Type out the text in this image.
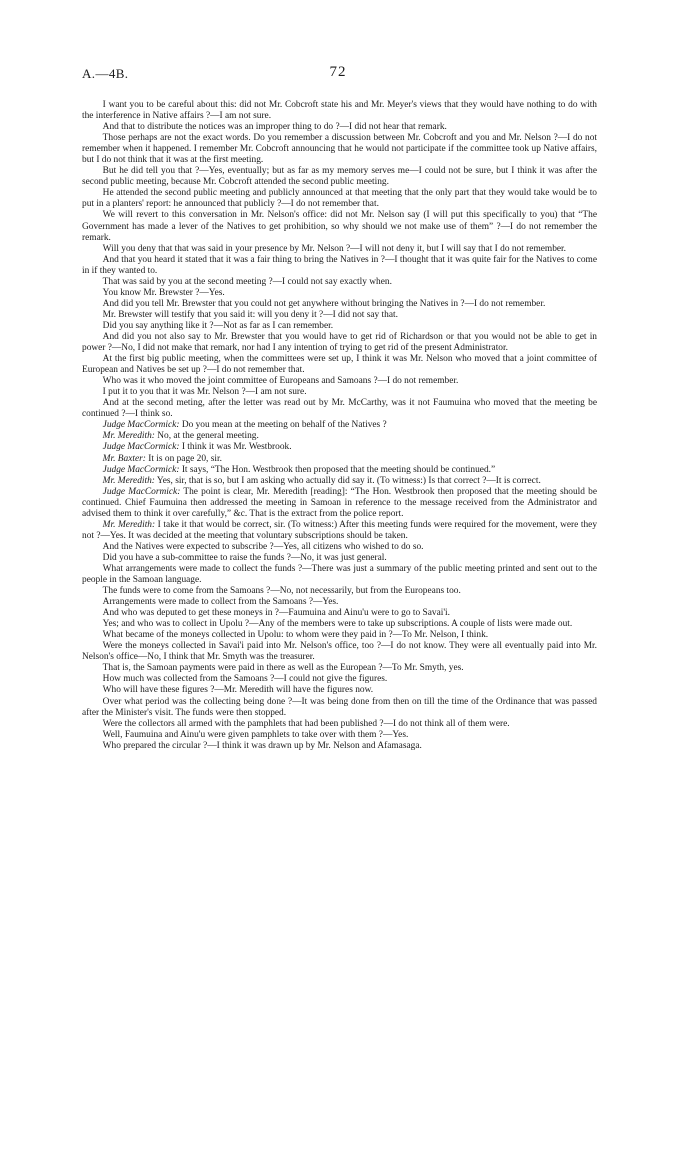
A.—4B.	72

I want you to be careful about this: did not Mr. Cobcroft state his and Mr. Meyer's views that they would have nothing to do with the interference in Native affairs ?—I am not sure.

And that to distribute the notices was an improper thing to do ?—I did not hear that remark.

Those perhaps are not the exact words. Do you remember a discussion between Mr. Cobcroft and you and Mr. Nelson ?—I do not remember when it happened. I remember Mr. Cobcroft announcing that he would not participate if the committee took up Native affairs, but I do not think that it was at the first meeting.

But he did tell you that ?—Yes, eventually; but as far as my memory serves me—I could not be sure, but I think it was after the second public meeting, because Mr. Cobcroft attended the second public meeting.

He attended the second public meeting and publicly announced at that meeting that the only part that they would take would be to put in a planters' report: he announced that publicly ?—I do not remember that.

We will revert to this conversation in Mr. Nelson's office: did not Mr. Nelson say (I will put this specifically to you) that “The Government has made a lever of the Natives to get prohibition, so why should we not make use of them” ?—I do not remember the remark.

Will you deny that that was said in your presence by Mr. Nelson ?—I will not deny it, but I will say that I do not remember.

And that you heard it stated that it was a fair thing to bring the Natives in ?—I thought that it was quite fair for the Natives to come in if they wanted to.

That was said by you at the second meeting ?—I could not say exactly when.

You know Mr. Brewster ?—Yes.

And did you tell Mr. Brewster that you could not get anywhere without bringing the Natives in ?—I do not remember.

Mr. Brewster will testify that you said it: will you deny it ?—I did not say that.

Did you say anything like it ?—Not as far as I can remember.

And did you not also say to Mr. Brewster that you would have to get rid of Richardson or that you would not be able to get in power ?—No, I did not make that remark, nor had I any intention of trying to get rid of the present Administrator.

At the first big public meeting, when the committees were set up, I think it was Mr. Nelson who moved that a joint committee of European and Natives be set up ?—I do not remember that.

Who was it who moved the joint committee of Europeans and Samoans ?—I do not remember.

I put it to you that it was Mr. Nelson ?—I am not sure.

And at the second meting, after the letter was read out by Mr. McCarthy, was it not Faumuina who moved that the meeting be continued ?—I think so.

Judge MacCormick: Do you mean at the meeting on behalf of the Natives ?

Mr. Meredith: No, at the general meeting.

Judge MacCormick: I think it was Mr. Westbrook.

Mr. Baxter: It is on page 20, sir.

Judge MacCormick: It says, “The Hon. Westbrook then proposed that the meeting should be continued.”

Mr. Meredith: Yes, sir, that is so, but I am asking who actually did say it. (To witness:) Is that correct ?—It is correct.

Judge MacCormick: The point is clear, Mr. Meredith [reading]: “The Hon. Westbrook then proposed that the meeting should be continued. Chief Faumuina then addressed the meeting in Samoan in reference to the message received from the Administrator and advised them to think it over carefully,” &c. That is the extract from the police report.

Mr. Meredith: I take it that would be correct, sir. (To witness:) After this meeting funds were required for the movement, were they not ?—Yes. It was decided at the meeting that voluntary subscriptions should be taken.

And the Natives were expected to subscribe ?—Yes, all citizens who wished to do so.

Did you have a sub-committee to raise the funds ?—No, it was just general.

What arrangements were made to collect the funds ?—There was just a summary of the public meeting printed and sent out to the people in the Samoan language.

The funds were to come from the Samoans ?—No, not necessarily, but from the Europeans too.

Arrangements were made to collect from the Samoans ?—Yes.

And who was deputed to get these moneys in ?—Faumuina and Ainu'u were to go to Savai'i.

Yes; and who was to collect in Upolu ?—Any of the members were to take up subscriptions. A couple of lists were made out.

What became of the moneys collected in Upolu: to whom were they paid in ?—To Mr. Nelson, I think.

Were the moneys collected in Savai'i paid into Mr. Nelson's office, too ?—I do not know. They were all eventually paid into Mr. Nelson's office—No, I think that Mr. Smyth was the treasurer.

That is, the Samoan payments were paid in there as well as the European ?—To Mr. Smyth, yes.

How much was collected from the Samoans ?—I could not give the figures.

Who will have these figures ?—Mr. Meredith will have the figures now.

Over what period was the collecting being done ?—It was being done from then on till the time of the Ordinance that was passed after the Minister's visit. The funds were then stopped.

Were the collectors all armed with the pamphlets that had been published ?—I do not think all of them were.

Well, Faumuina and Ainu'u were given pamphlets to take over with them ?—Yes.

Who prepared the circular ?—I think it was drawn up by Mr. Nelson and Afamasaga.
